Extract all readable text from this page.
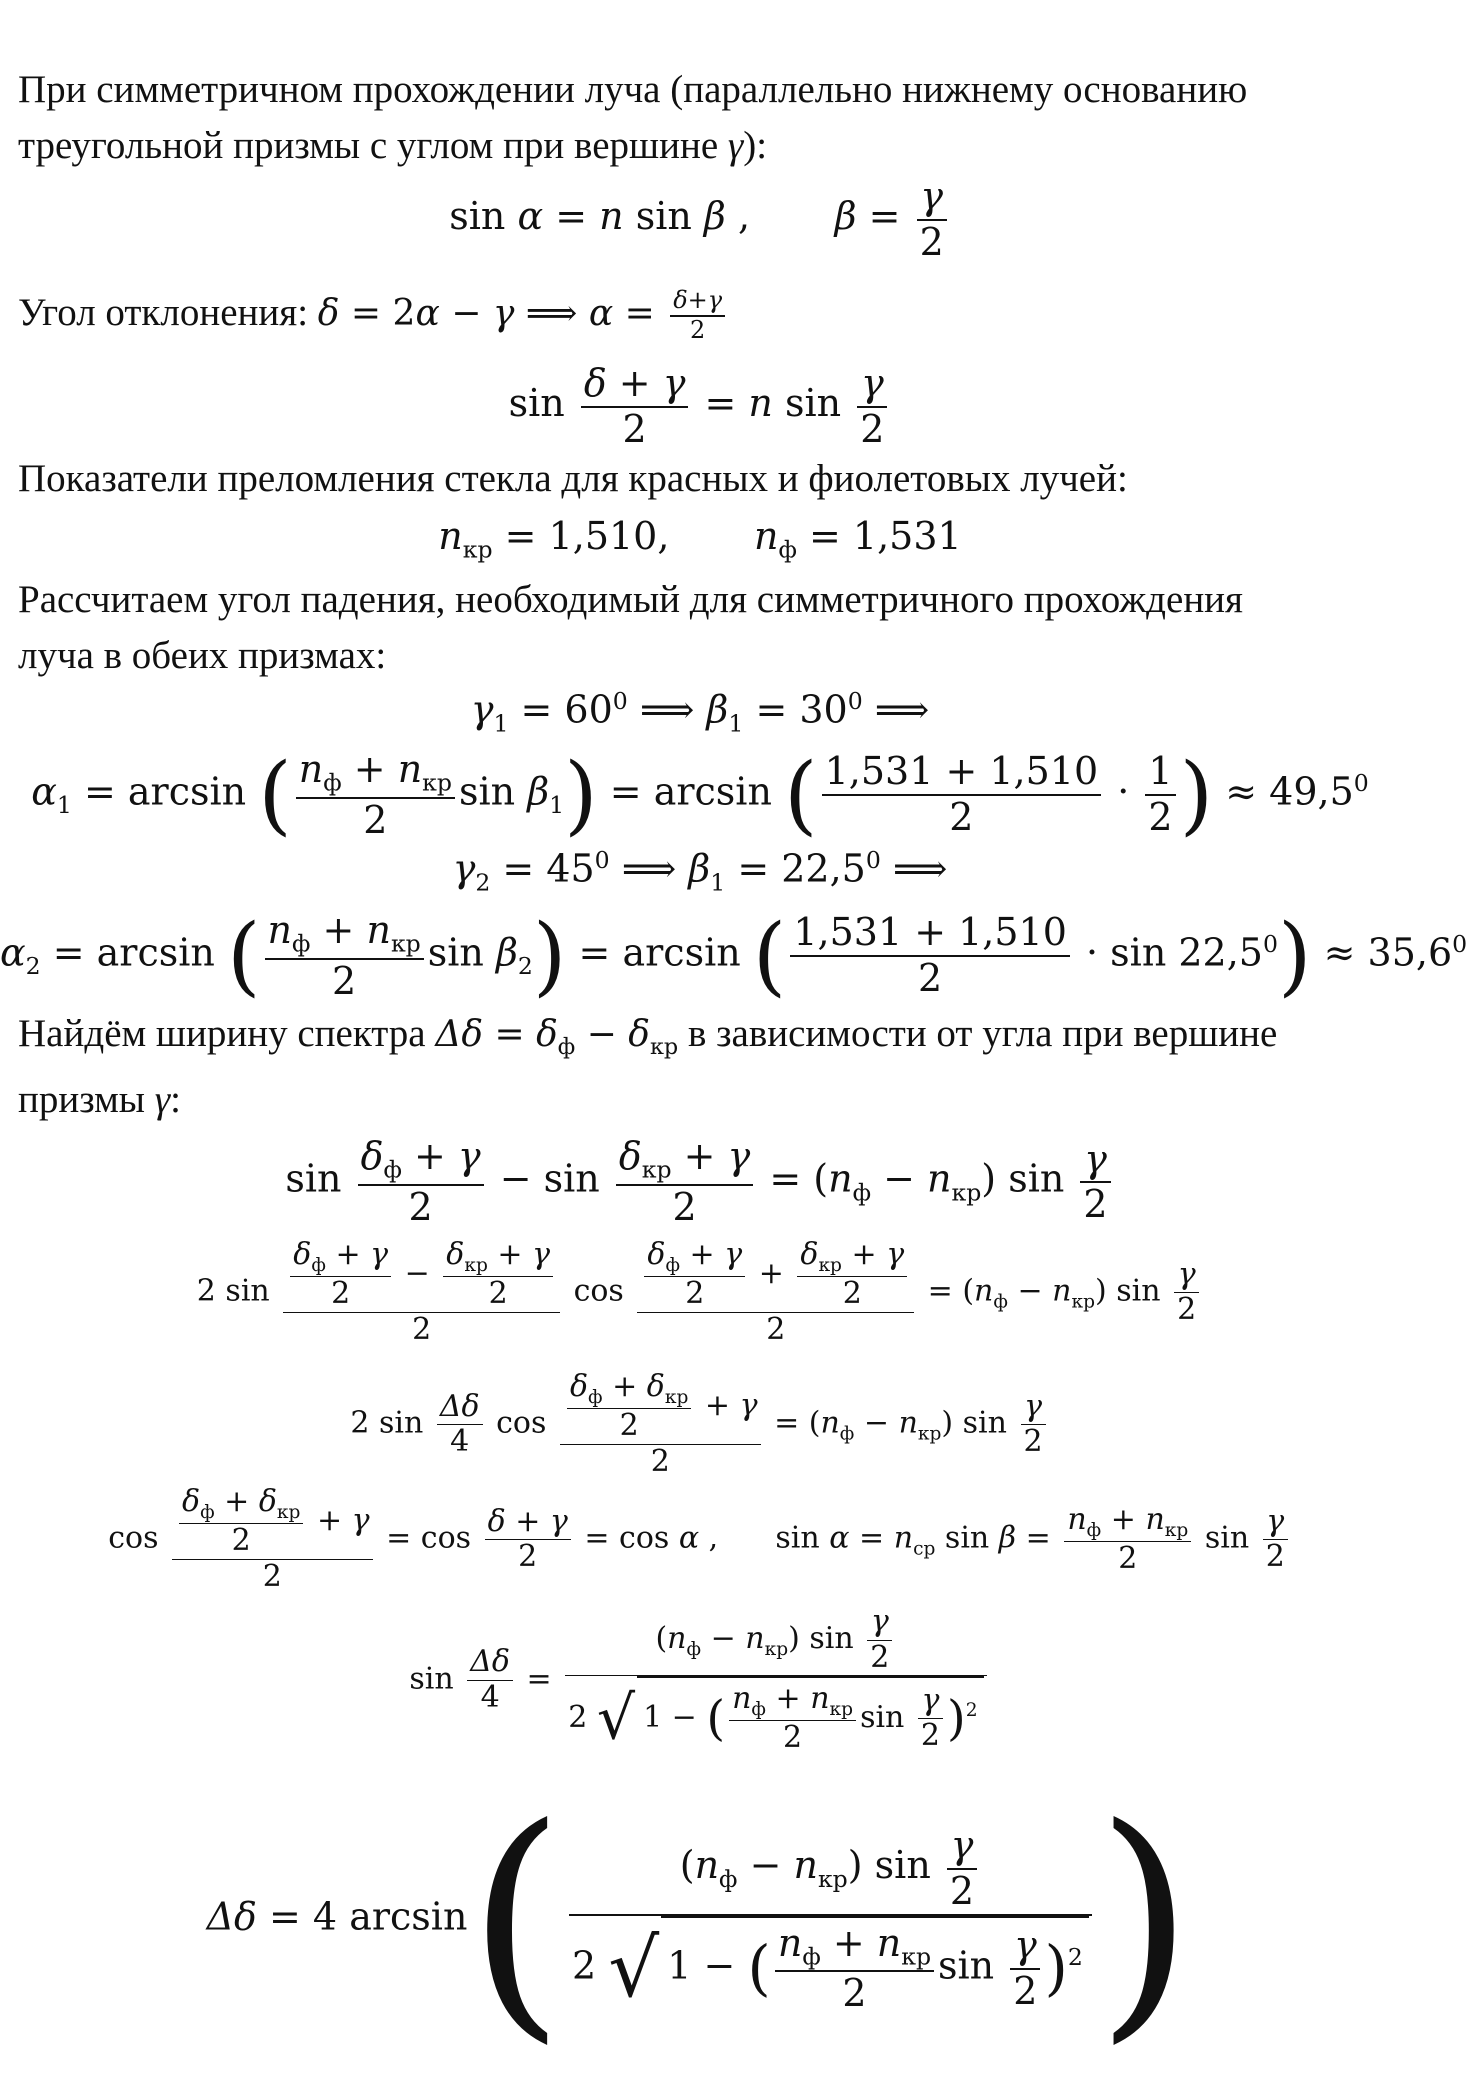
При симметричном прохождении луча (параллельно нижнему основанию
треугольной призмы с углом при вершине γ):
sin α = n sin β ,       $\beta = \frac{\gamma}{2}$
Угол отклонения: δ = 2α − γ ⟹ $\alpha = \frac{\delta+\gamma}{2}$
$\sin \frac{\delta + \gamma}{2} = n$ $\sin \frac{\gamma}{2}$
Показатели преломления стекла для красных и фиолетовых лучей:
$n_{кр} = 1,510$,       $n_ф = 1,531$
Рассчитаем угол падения, необходимый для симметричного прохождения
луча в обеих призмах:
$\gamma_1 = 60^0$ ⟹ $\beta_1 = 30^0$ ⟹
$\alpha_1 = \arcsin$ ( $\frac{n_ф + n_{кр}}{2}$ $\sin \beta_1) = \arcsin$ ( $\frac{1,531 + 1,510}{2} \cdot \frac{1}{2}$ ) ≈ $49,5^0$
$\gamma_2 = 45^0$ ⟹ $\beta_1 = 22,5^0$ ⟹
$\alpha_2 = \arcsin$ ( $\frac{n_ф + n_{кр}}{2}$ $\sin \beta_2) = \arcsin$ ( $\frac{1,531 + 1,510}{2} \cdot \sin 22,5^0) \approx 35,6^0$
Найдём ширину спектра $\Delta\delta = \delta_ф - \delta_{кр}$ в зависимости от угла при вершине
призмы γ:
$\sin \frac{\delta_ф + \gamma}{2} - \sin \frac{\delta_{кр} + \gamma}{2} = (n_ф - n_{кр})$ $\sin \frac{\gamma}{2}$
2 $\sin \frac{\frac{\delta_ф + \gamma}{2} - \frac{\delta_{кр} + \gamma}{2}}{2}$ $\cos \frac{\frac{\delta_ф + \gamma}{2} + \frac{\delta_{кр} + \gamma}{2}}{2} = (n_ф - n_{кр})$ $\sin \frac{\gamma}{2}$
2 $\sin \frac{\Delta\delta}{4}$ $\cos \frac{\frac{\delta_ф + \delta_{кр}}{2} + \gamma}{2} = (n_ф - n_{кр})$ $\sin \frac{\gamma}{2}$
$\cos \frac{\frac{\delta_ф + \delta_{кр}}{2} + \gamma}{2} = \cos \frac{\delta + \gamma}{2} = \cos \alpha$ ,      $\sin \alpha = n_{ср}$ $\sin \beta = \frac{n_ф + n_{кр}}{2}$ $\sin \frac{\gamma}{2}$
$\sin \frac{\Delta\delta}{4} = \frac{(n_ф - n_{кр}) \sin \frac{\gamma}{2}}{2 √ 1 - ( \frac{n_ф + n_{кр}}{2} \sin \frac{\gamma}{2} )^2}$
Δδ = 4 $\arcsin( \frac{(n_ф - n_{кр}) \sin \frac{\gamma}{2}}{2 √ 1 - ( \frac{n_ф + n_{кр}}{2} \sin \frac{\gamma}{2} )^2}$ )
